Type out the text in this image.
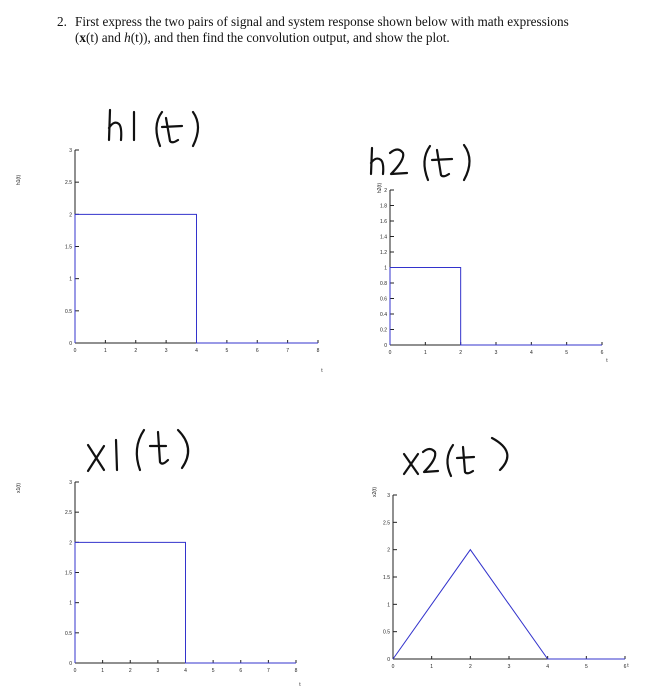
2. First express the two pairs of signal and system response shown below with math expressions
(x(t) and h(t)), and then find the convolution output, and show the plot.
0
0.5
1
1.5
2
2.5
3
0	1	2	3	4	5	6	7	8
h1(t)
t
0
0.2
0.4
0.6
0.8
1
1.2
1.4
1.6
1.8
2
0	1	2	3	4	5	6
h2(t)
t
0
0.5
1
1.5
2
2.5
3
0	1	2	3	4	5	6	7	8
x1(t)
t
0
0.5
1
1.5
2
2.5
3
0	1	2	3	4	5	6
x2(t)
t
